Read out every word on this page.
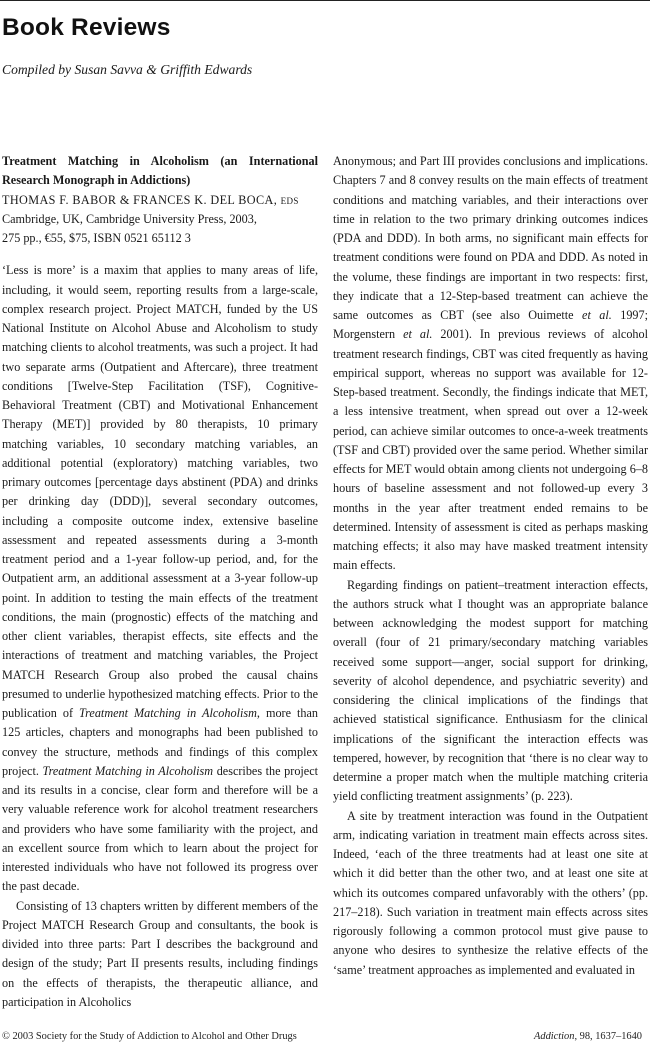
Book Reviews
Compiled by Susan Savva & Griffith Edwards

Treatment Matching in Alcoholism (an International Research Monograph in Addictions)

THOMAS F. BABOR & FRANCES K. DEL BOCA, eds

Cambridge, UK, Cambridge University Press, 2003,

275 pp., €55, $75, ISBN 0521 65112 3

‘Less is more’ is a maxim that applies to many areas of life, including, it would seem, reporting results from a large-scale, complex research project. Project MATCH, funded by the US National Institute on Alcohol Abuse and Alcoholism to study matching clients to alcohol treatments, was such a project. It had two separate arms (Outpatient and Aftercare), three treatment conditions [Twelve-Step Facilitation (TSF), Cognitive-Behavioral Treatment (CBT) and Motivational Enhancement Therapy (MET)] provided by 80 therapists, 10 primary matching variables, 10 secondary matching variables, an additional potential (exploratory) matching variables, two primary outcomes [percentage days abstinent (PDA) and drinks per drinking day (DDD)], several secondary outcomes, including a composite outcome index, extensive baseline assessment and repeated assessments during a 3-month treatment period and a 1-year follow-up period, and, for the Outpatient arm, an additional assessment at a 3-year follow-up point. In addition to testing the main effects of the treatment conditions, the main (prognostic) effects of the matching and other client variables, therapist effects, site effects and the interactions of treatment and matching variables, the Project MATCH Research Group also probed the causal chains presumed to underlie hypothesized matching effects. Prior to the publication of Treatment Matching in Alcoholism, more than 125 articles, chapters and monographs had been published to convey the structure, methods and findings of this complex project. Treatment Matching in Alcoholism describes the project and its results in a concise, clear form and therefore will be a very valuable reference work for alcohol treatment researchers and providers who have some familiarity with the project, and an excellent source from which to learn about the project for interested individuals who have not followed its progress over the past decade.

Consisting of 13 chapters written by different members of the Project MATCH Research Group and consultants, the book is divided into three parts: Part I describes the background and design of the study; Part II presents results, including findings on the effects of therapists, the therapeutic alliance, and participation in Alcoholics

Anonymous; and Part III provides conclusions and implications. Chapters 7 and 8 convey results on the main effects of treatment conditions and matching variables, and their interactions over time in relation to the two primary drinking outcomes indices (PDA and DDD). In both arms, no significant main effects for treatment conditions were found on PDA and DDD. As noted in the volume, these findings are important in two respects: first, they indicate that a 12-Step-based treatment can achieve the same outcomes as CBT (see also Ouimette et al. 1997; Morgenstern et al. 2001). In previous reviews of alcohol treatment research findings, CBT was cited frequently as having empirical support, whereas no support was available for 12-Step-based treatment. Secondly, the findings indicate that MET, a less intensive treatment, when spread out over a 12-week period, can achieve similar outcomes to once-a-week treatments (TSF and CBT) provided over the same period. Whether similar effects for MET would obtain among clients not undergoing 6–8 hours of baseline assessment and not followed-up every 3 months in the year after treatment ended remains to be determined. Intensity of assessment is cited as perhaps masking matching effects; it also may have masked treatment intensity main effects.

Regarding findings on patient–treatment interaction effects, the authors struck what I thought was an appropriate balance between acknowledging the modest support for matching overall (four of 21 primary/secondary matching variables received some support—anger, social support for drinking, severity of alcohol dependence, and psychiatric severity) and considering the clinical implications of the findings that achieved statistical significance. Enthusiasm for the clinical implications of the significant the interaction effects was tempered, however, by recognition that ‘there is no clear way to determine a proper match when the multiple matching criteria yield conflicting treatment assignments’ (p. 223).

A site by treatment interaction was found in the Outpatient arm, indicating variation in treatment main effects across sites. Indeed, ‘each of the three treatments had at least one site at which it did better than the other two, and at least one site at which its outcomes compared unfavorably with the others’ (pp. 217–218). Such variation in treatment main effects across sites rigorously following a common protocol must give pause to anyone who desires to synthesize the relative effects of the ‘same’ treatment approaches as implemented and evaluated in

© 2003 Society for the Study of Addiction to Alcohol and Other Drugs	Addiction, 98, 1637–1640
